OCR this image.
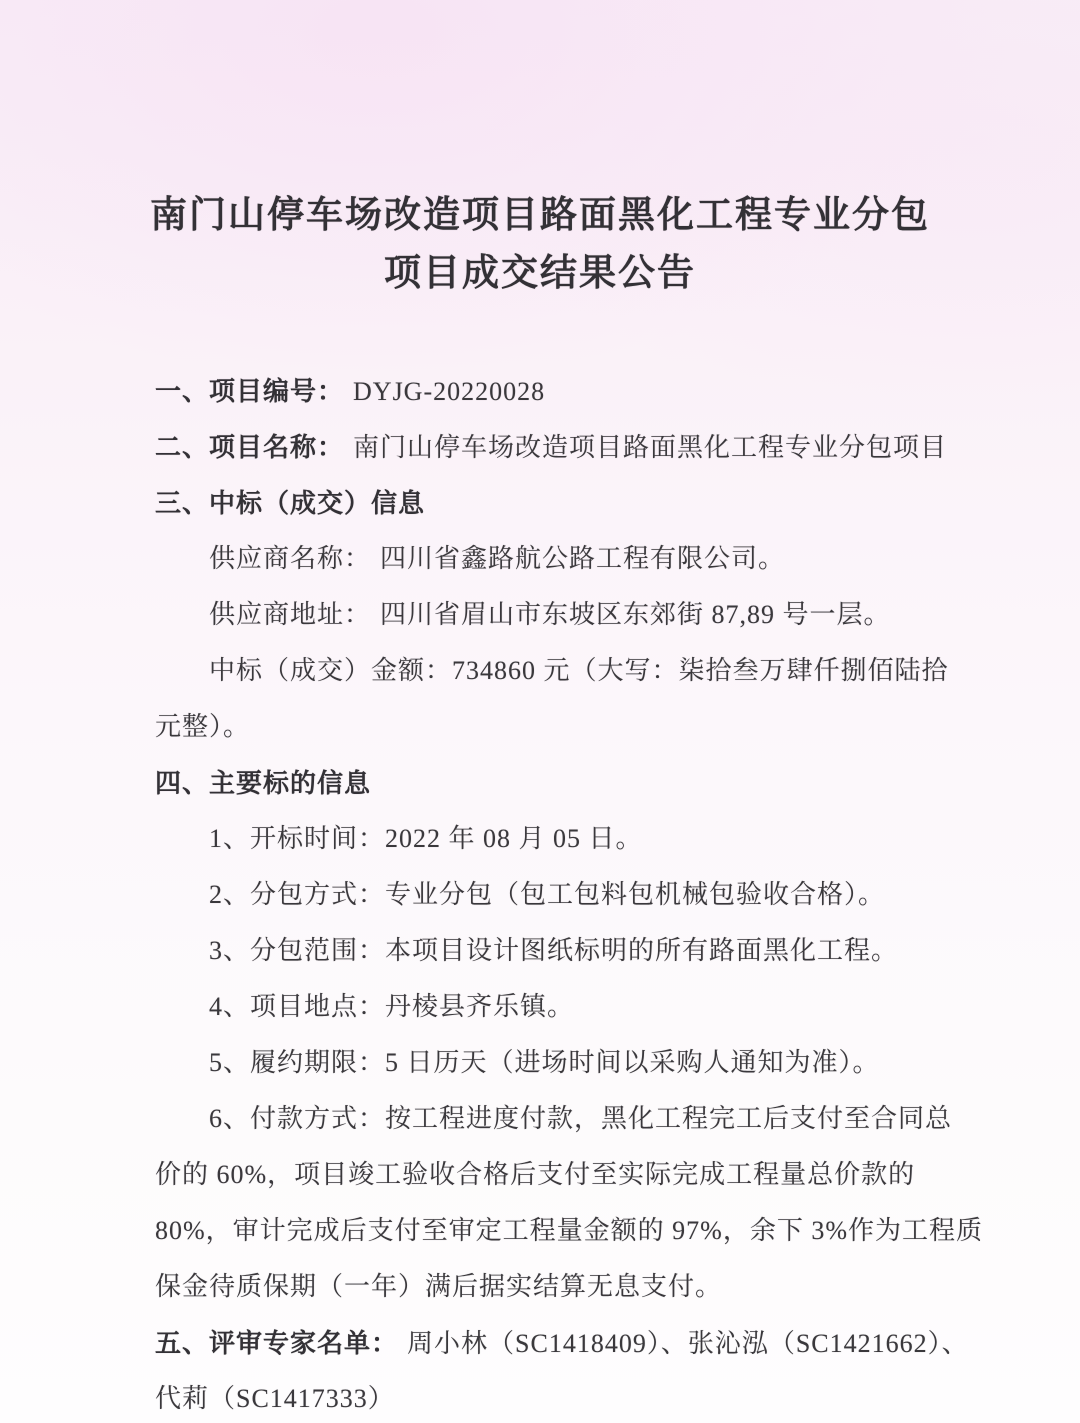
南门山停车场改造项目路面黑化工程专业分包
项目成交结果公告
一、项目编号： DYJG-20220028
二、项目名称： 南门山停车场改造项目路面黑化工程专业分包项目
三、中标（成交）信息
供应商名称： 四川省鑫路航公路工程有限公司。
供应商地址： 四川省眉山市东坡区东郊街 87,89 号一层。
中标（成交）金额：734860 元（大写：柒拾叁万肆仟捌佰陆拾
元整）。
四、主要标的信息
1、开标时间：2022 年 08 月 05 日。
2、分包方式：专业分包（包工包料包机械包验收合格）。
3、分包范围：本项目设计图纸标明的所有路面黑化工程。
4、项目地点：丹棱县齐乐镇。
5、履约期限：5 日历天（进场时间以采购人通知为准）。
6、付款方式：按工程进度付款，黑化工程完工后支付至合同总
价的 60%，项目竣工验收合格后支付至实际完成工程量总价款的
80%，审计完成后支付至审定工程量金额的 97%，余下 3%作为工程质
保金待质保期（一年）满后据实结算无息支付。
五、评审专家名单： 周小林（SC1418409）、张沁泓（SC1421662）、
代莉（SC1417333）
